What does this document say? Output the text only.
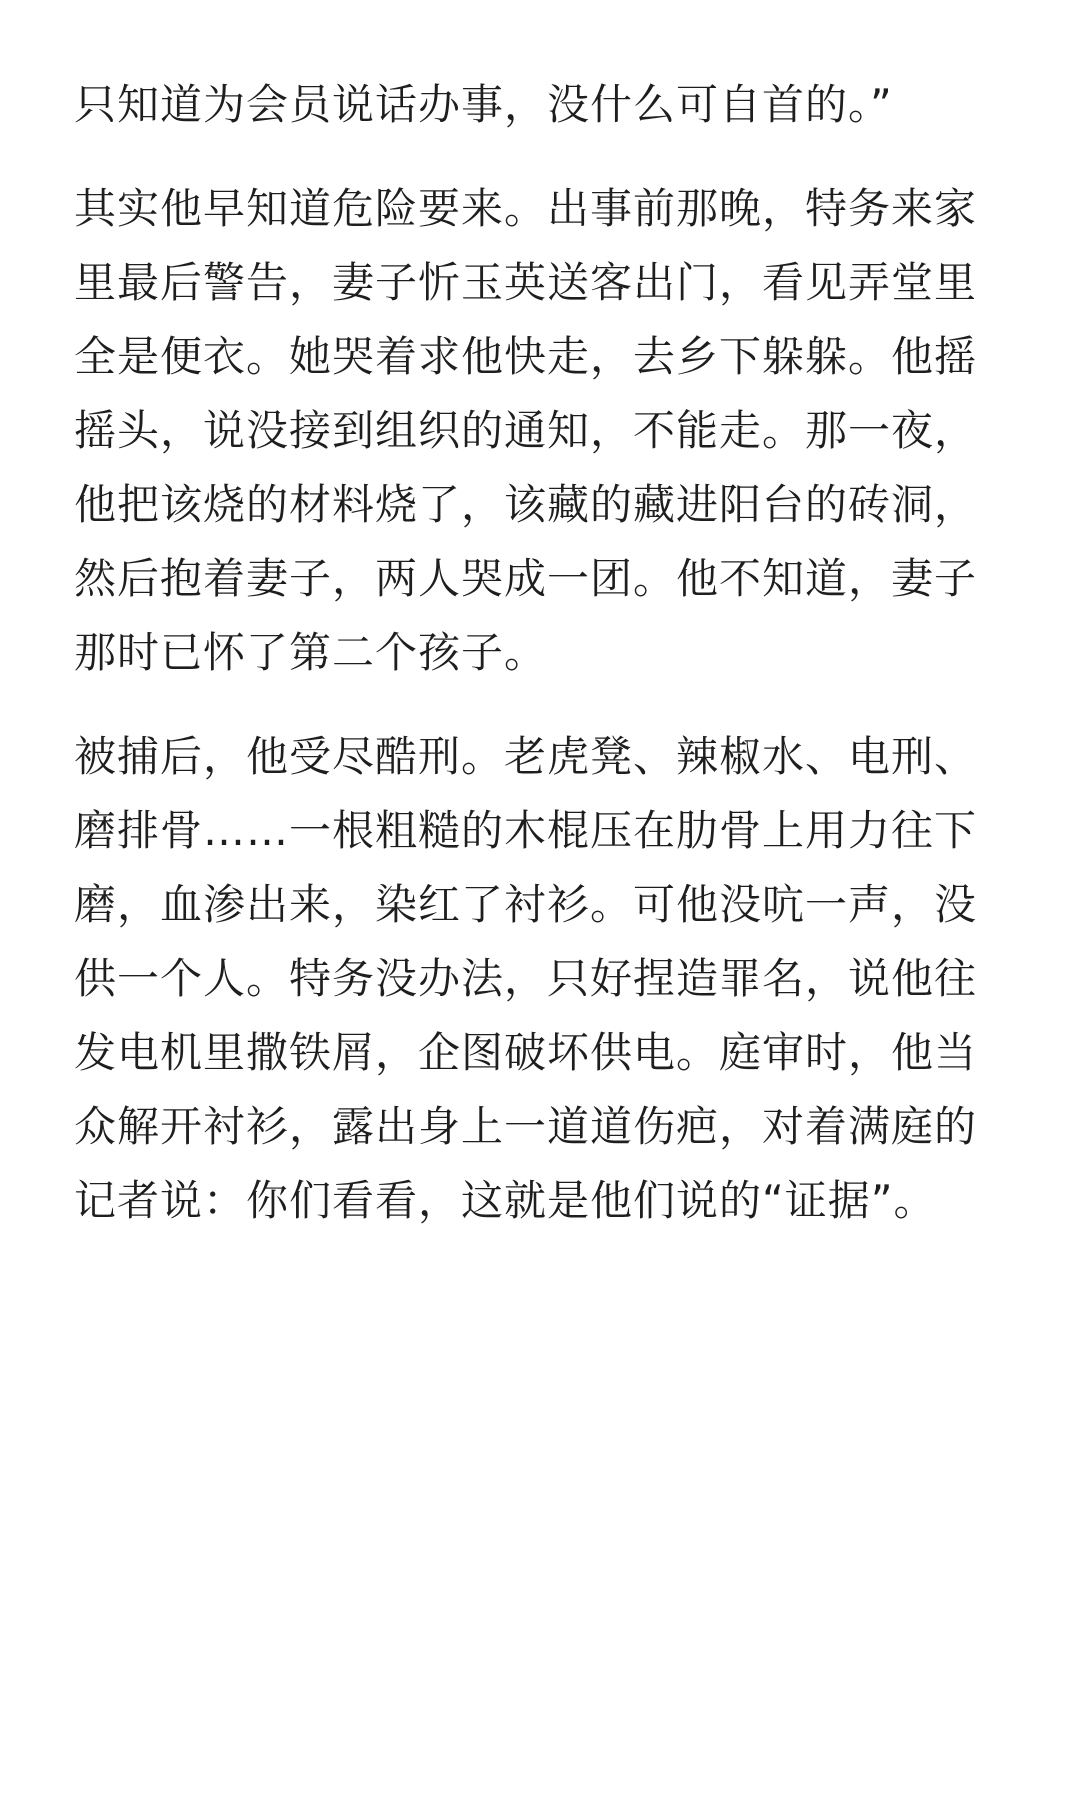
只知道为会员说话办事，没什么可自首的。”

其实他早知道危险要来。出事前那晚，特务来家里最后警告，妻子忻玉英送客出门，看见弄堂里全是便衣。她哭着求他快走，去乡下躲躲。他摇摇头，说没接到组织的通知，不能走。那一夜，他把该烧的材料烧了，该藏的藏进阳台的砖洞，然后抱着妻子，两人哭成一团。他不知道，妻子那时已怀了第二个孩子。

被捕后，他受尽酷刑。老虎凳、辣椒水、电刑、磨排骨……一根粗糙的木棍压在肋骨上用力往下磨，血渗出来，染红了衬衫。可他没吭一声，没供一个人。特务没办法，只好捏造罪名，说他往发电机里撒铁屑，企图破坏供电。庭审时，他当众解开衬衫，露出身上一道道伤疤，对着满庭的记者说：你们看看，这就是他们说的“证据”。
